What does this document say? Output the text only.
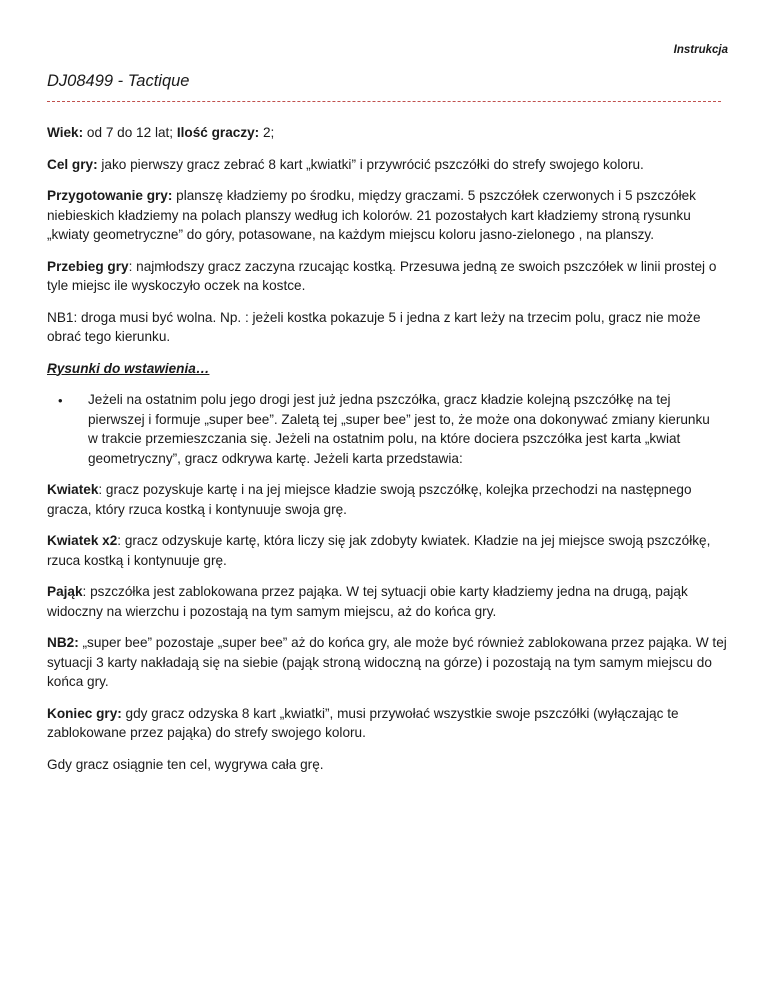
Instrukcja
DJ08499 - Tactique

Wiek: od 7 do 12 lat; Ilość graczy: 2;

Cel gry: jako pierwszy gracz zebrać 8 kart „kwiatki” i przywrócić pszczółki do strefy swojego koloru.

Przygotowanie gry: planszę kładziemy po środku, między graczami. 5 pszczółek czerwonych i 5 pszczółek niebieskich kładziemy na polach planszy według ich kolorów. 21 pozostałych kart kładziemy stroną rysunku „kwiaty geometryczne” do góry, potasowane, na każdym miejscu koloru jasno-zielonego , na planszy.

Przebieg gry: najmłodszy gracz zaczyna rzucając kostką. Przesuwa jedną ze swoich pszczółek w linii prostej o tyle miejsc ile wyskoczyło oczek na kostce.

NB1: droga musi być wolna. Np. : jeżeli kostka pokazuje 5 i jedna z kart leży na trzecim polu, gracz nie może obrać tego kierunku.

Rysunki do wstawienia…

• Jeżeli na ostatnim polu jego drogi jest już jedna pszczółka, gracz kładzie kolejną pszczółkę na tej pierwszej i formuje „super bee”. Zaletą tej „super bee” jest to, że może ona dokonywać zmiany kierunku w trakcie przemieszczania się. Jeżeli na ostatnim polu, na które dociera pszczółka jest karta „kwiat geometryczny”, gracz odkrywa kartę. Jeżeli karta przedstawia:

Kwiatek: gracz pozyskuje kartę i na jej miejsce kładzie swoją pszczółkę, kolejka przechodzi na następnego gracza, który rzuca kostką i kontynuuje swoja grę.

Kwiatek x2: gracz odzyskuje kartę, która liczy się jak zdobyty kwiatek. Kładzie na jej miejsce swoją pszczółkę, rzuca kostką i kontynuuje grę.

Pająk: pszczółka jest zablokowana przez pająka. W tej sytuacji obie karty kładziemy jedna na drugą, pająk widoczny na wierzchu i pozostają na tym samym miejscu, aż do końca gry.

NB2: „super bee” pozostaje „super bee” aż do końca gry, ale może być również zablokowana przez pająka. W tej sytuacji 3 karty nakładają się na siebie (pająk stroną widoczną na górze) i pozostają na tym samym miejscu do końca gry.

Koniec gry: gdy gracz odzyska 8 kart „kwiatki”, musi przywołać wszystkie swoje pszczółki (wyłączając te zablokowane przez pająka) do strefy swojego koloru.

Gdy gracz osiągnie ten cel, wygrywa cała grę.
